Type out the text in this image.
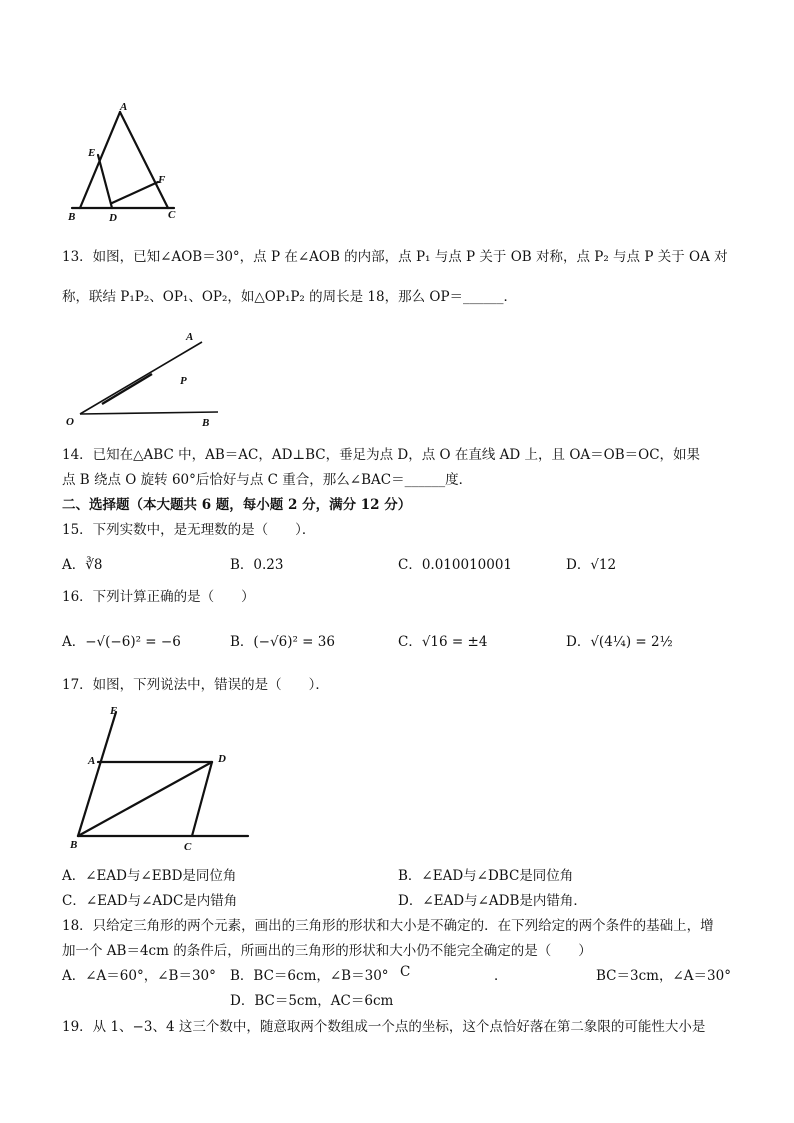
A
E
F
B	D	C
13．如图，已知∠AOB＝30°，点 P 在∠AOB 的内部，点 P₁ 与点 P 关于 OB 对称，点 P₂ 与点 P 关于 OA 对
称，联结 P₁P₂、OP₁、OP₂，如△OP₁P₂ 的周长是 18，那么 OP＝______．
A
P
O	B
14．已知在△ABC 中，AB＝AC，AD⊥BC，垂足为点 D，点 O 在直线 AD 上，且 OA＝OB＝OC，如果
点 B 绕点 O 旋转 60°后恰好与点 C 重合，那么∠BAC＝______度．
二、选择题（本大题共 6 题，每小题 2 分，满分 12 分）
15．下列实数中，是无理数的是（　　）．
A．∛8	B．0.2̇3̇	C．0.010010001	D．√12
16．下列计算正确的是（　　）
A．−√(−6)² = −6	B．(−√6)² = 36	C．√16 = ±4	D．√(4¼) = 2½
17．如图，下列说法中，错误的是（　　）．
E
A	D
B	C
A．∠EAD与∠EBD是同位角	B．∠EAD与∠DBC是同位角
C．∠EAD与∠ADC是内错角	D．∠EAD与∠ADB是内错角．
18．只给定三角形的两个元素，画出的三角形的形状和大小是不确定的．在下列给定的两个条件的基础上，增
加一个 AB＝4cm 的条件后，所画出的三角形的形状和大小仍不能完全确定的是（　　）
A．∠A＝60°，∠B＝30° B．BC＝6cm，∠B＝30° C	．	BC＝3cm，∠A＝30°
D．BC＝5cm，AC＝6cm
19．从 1、−3、4 这三个数中，随意取两个数组成一个点的坐标，这个点恰好落在第二象限的可能性大小是
